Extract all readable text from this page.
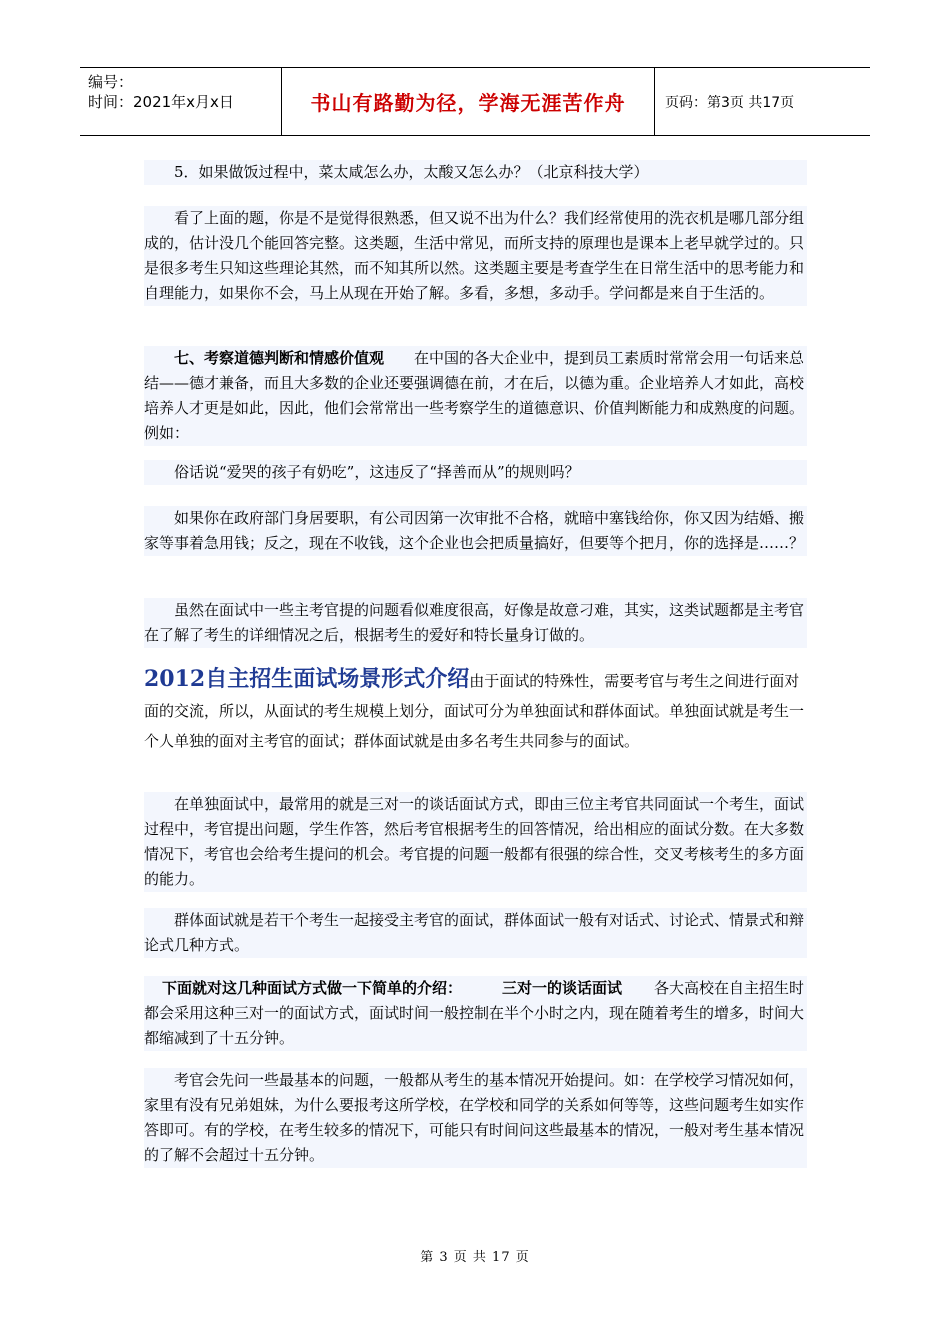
编号：
时间：2021年x月x日	书山有路勤为径，学海无涯苦作舟	页码：第3页 共17页

5．如果做饭过程中，菜太咸怎么办，太酸又怎么办？（北京科技大学）

看了上面的题，你是不是觉得很熟悉，但又说不出为什么？我们经常使用的洗衣机是哪几部分组成的，估计没几个能回答完整。这类题，生活中常见，而所支持的原理也是课本上老早就学过的。只是很多考生只知这些理论其然，而不知其所以然。这类题主要是考查学生在日常生活中的思考能力和自理能力，如果你不会，马上从现在开始了解。多看，多想，多动手。学问都是来自于生活的。

七、考察道德判断和情感价值观 在中国的各大企业中，提到员工素质时常常会用一句话来总结——德才兼备，而且大多数的企业还要强调德在前，才在后，以德为重。企业培养人才如此，高校培养人才更是如此，因此，他们会常常出一些考察学生的道德意识、价值判断能力和成熟度的问题。例如：

俗话说“爱哭的孩子有奶吃”，这违反了“择善而从”的规则吗？

如果你在政府部门身居要职，有公司因第一次审批不合格，就暗中塞钱给你，你又因为结婚、搬家等事着急用钱；反之，现在不收钱，这个企业也会把质量搞好，但要等个把月，你的选择是……？

虽然在面试中一些主考官提的问题看似难度很高，好像是故意刁难，其实，这类试题都是主考官在了解了考生的详细情况之后，根据考生的爱好和特长量身订做的。

2012自主招生面试场景形式介绍由于面试的特殊性，需要考官与考生之间进行面对面的交流，所以，从面试的考生规模上划分，面试可分为单独面试和群体面试。单独面试就是考生一个人单独的面对主考官的面试；群体面试就是由多名考生共同参与的面试。

在单独面试中，最常用的就是三对一的谈话面试方式，即由三位主考官共同面试一个考生，面试过程中，考官提出问题，学生作答，然后考官根据考生的回答情况，给出相应的面试分数。在大多数情况下，考官也会给考生提问的机会。考官提的问题一般都有很强的综合性，交叉考核考生的多方面的能力。

群体面试就是若干个考生一起接受主考官的面试，群体面试一般有对话式、讨论式、情景式和辩论式几种方式。

下面就对这几种面试方式做一下简单的介绍：	三对一的谈话面试 各大高校在自主招生时都会采用这种三对一的面试方式，面试时间一般控制在半个小时之内，现在随着考生的增多，时间大都缩减到了十五分钟。

考官会先问一些最基本的问题，一般都从考生的基本情况开始提问。如：在学校学习情况如何，家里有没有兄弟姐妹，为什么要报考这所学校，在学校和同学的关系如何等等，这些问题考生如实作答即可。有的学校，在考生较多的情况下，可能只有时间问这些最基本的情况，一般对考生基本情况的了解不会超过十五分钟。

第 3 页 共 17 页
